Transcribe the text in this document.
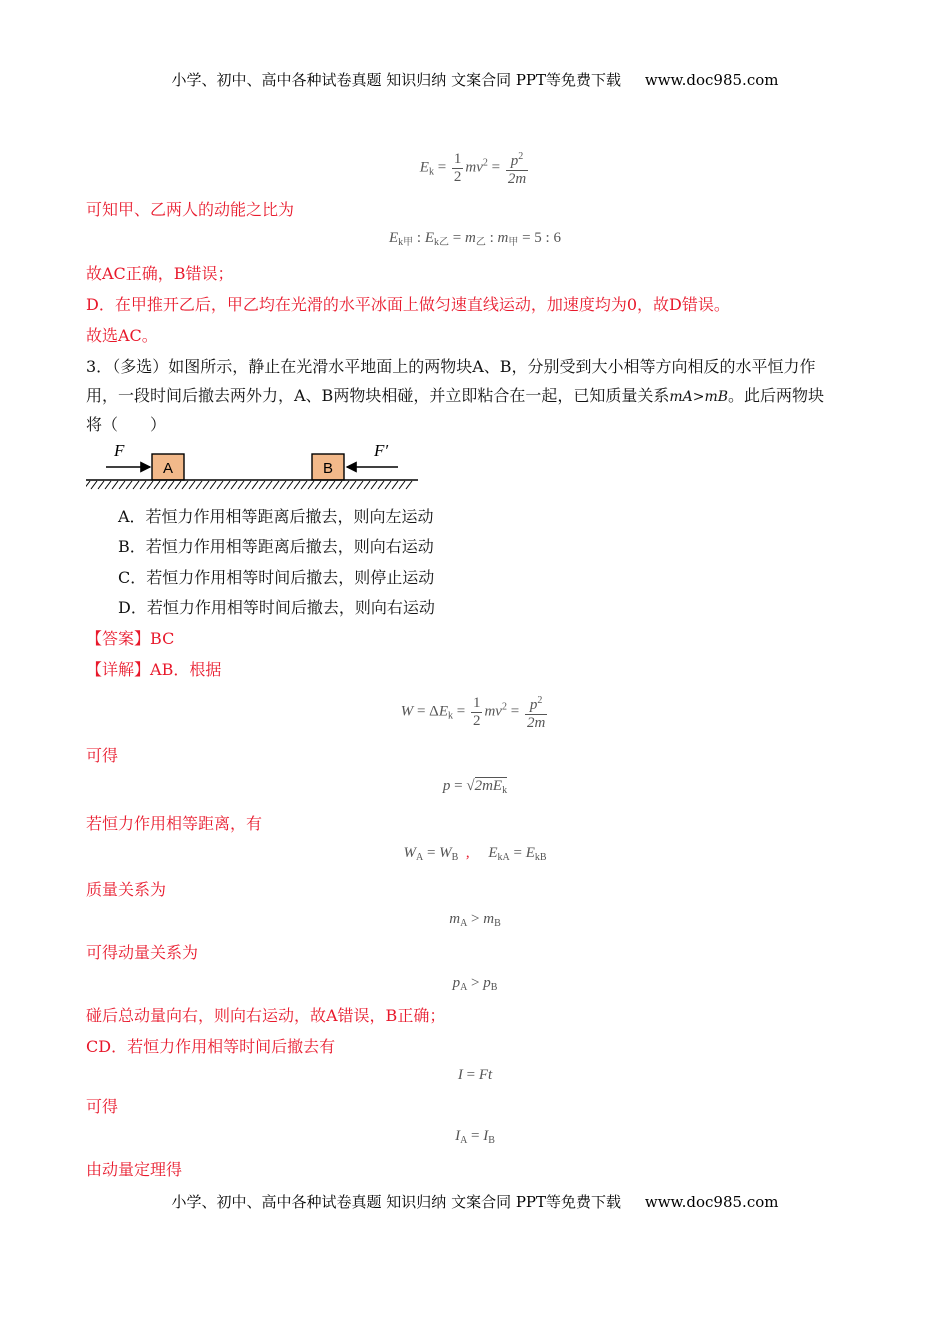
小学、初中、高中各种试卷真题 知识归纳 文案合同 PPT等免费下载 www.doc985.com
$E_k = \frac{1}{2} mv^2 = \frac{p^2}{2m}$
可知甲、乙两人的动能之比为
$E_{k甲}$ : $E_{k乙} = m_乙$ : $m_甲 = 5$ : 6
故AC正确，B错误；
D．在甲推开乙后，甲乙均在光滑的水平冰面上做匀速直线运动，加速度均为0，故D错误。
故选AC。
3．（多选）如图所示，静止在光滑水平地面上的两物块A、B，分别受到大小相等方向相反的水平恒力作
用，一段时间后撤去两外力，A、B两物块相碰，并立即粘合在一起，已知质量关系mA>mB。此后两物块
将（　　）
F
A	B
F′
A．若恒力作用相等距离后撤去，则向左运动
B．若恒力作用相等距离后撤去，则向右运动
C．若恒力作用相等时间后撤去，则停止运动
D．若恒力作用相等时间后撤去，则向右运动
【答案】BC
【详解】AB．根据
$W = \Delta E_k = \frac{1}{2} mv^2 = \frac{p^2}{2m}$
可得
$p = √2mE_k$
若恒力作用相等距离，有
$W_A = W_B$  ,     $E_{kA} = E_{kB}$
质量关系为
$m_A > m_B$
可得动量关系为
$p_A > p_B$
碰后总动量向右，则向右运动，故A错误，B正确；
CD．若恒力作用相等时间后撤去有
I = Ft
可得
$I_A = I_B$
由动量定理得
小学、初中、高中各种试卷真题 知识归纳 文案合同 PPT等免费下载 www.doc985.com
